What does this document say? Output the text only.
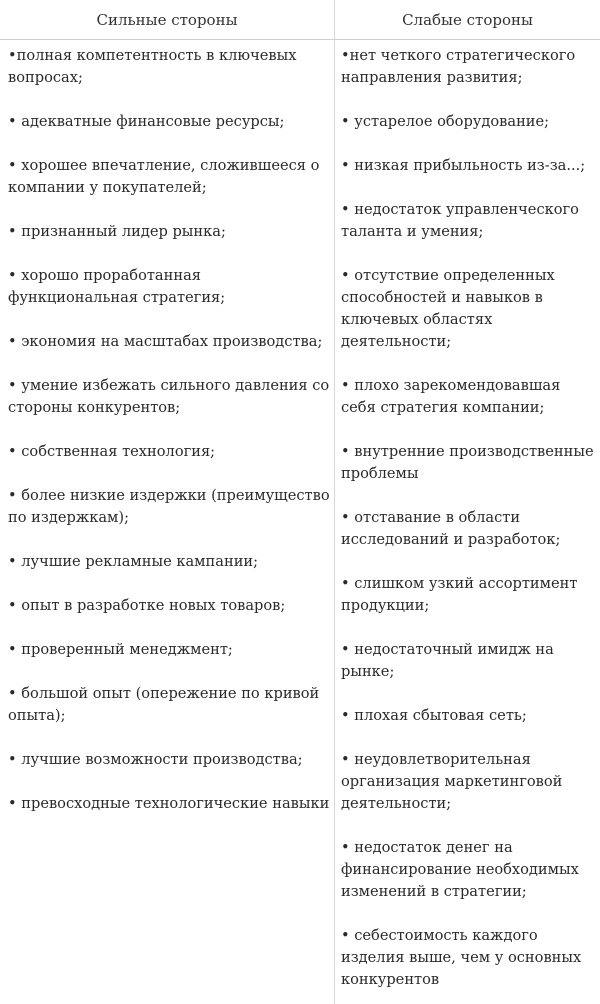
Сильные стороны	Слабые стороны
•полная компетентность в ключевых вопросах;
• адекватные финансовые ресурсы;
• хорошее впечатление, сложившееся о компании у покупателей;
• признанный лидер рынка;
• хорошо проработанная функциональная стратегия;
• экономия на масштабах производства;
• умение избежать сильного давления со стороны конкурентов;
• собственная технология;
• более низкие издержки (преимущество по издержкам);
• лучшие рекламные кампании;
• опыт в разработке новых товаров;
• проверенный менеджмент;
• большой опыт (опережение по кривой опыта);
• лучшие возможности производства;
• превосходные технологические навыки
•нет четкого стратегического направления развития;
• устарелое оборудование;
• низкая прибыльность из-за...;
• недостаток управленческого таланта и умения;
• отсутствие определенных способностей и навыков в ключевых областях деятельности;
• плохо зарекомендовавшая себя стратегия компании;
• внутренние производственные проблемы
• отставание в области исследований и разработок;
• слишком узкий ассортимент продукции;
• недостаточный имидж на рынке;
• плохая сбытовая сеть;
• неудовлетворительная организация маркетинговой деятельности;
• недостаток денег на финансирование необходимых изменений в стратегии;
• себестоимость каждого изделия выше, чем у основных конкурентов
